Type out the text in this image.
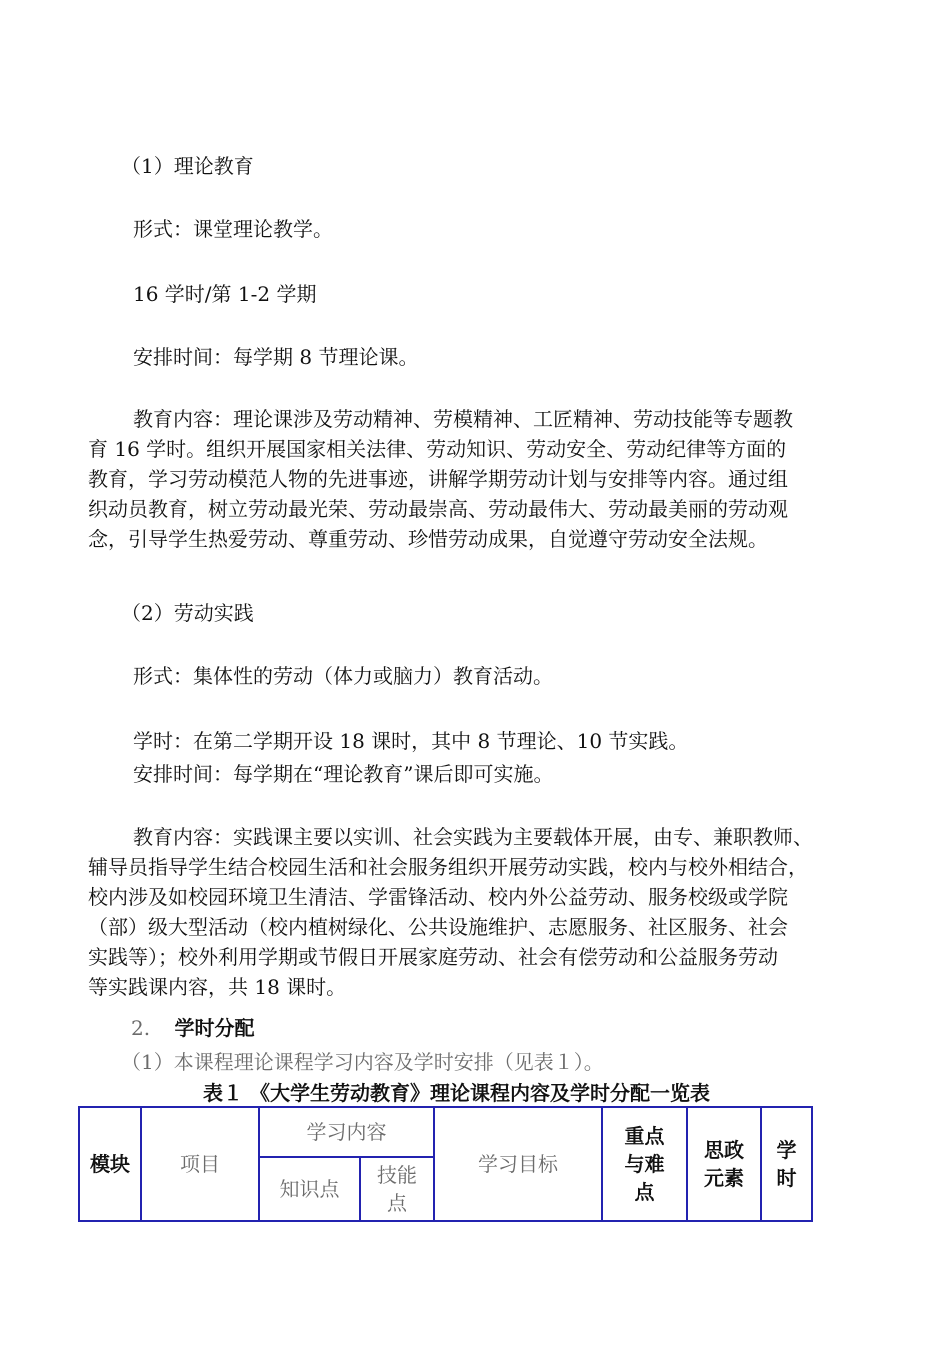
（1）理论教育
形式：课堂理论教学。
16 学时/第 1-2 学期
安排时间：每学期 8 节理论课。
教育内容：理论课涉及劳动精神、劳模精神、工匠精神、劳动技能等专题教
育 16 学时。组织开展国家相关法律、劳动知识、劳动安全、劳动纪律等方面的
教育，学习劳动模范人物的先进事迹，讲解学期劳动计划与安排等内容。通过组
织动员教育，树立劳动最光荣、劳动最崇高、劳动最伟大、劳动最美丽的劳动观
念，引导学生热爱劳动、尊重劳动、珍惜劳动成果，自觉遵守劳动安全法规。
（2）劳动实践
形式：集体性的劳动（体力或脑力）教育活动。
学时：在第二学期开设 18 课时，其中 8 节理论、10 节实践。
安排时间：每学期在“理论教育”课后即可实施。
教育内容：实践课主要以实训、社会实践为主要载体开展，由专、兼职教师、
辅导员指导学生结合校园生活和社会服务组织开展劳动实践，校内与校外相结合，
校内涉及如校园环境卫生清洁、学雷锋活动、校内外公益劳动、服务校级或学院
（部）级大型活动（校内植树绿化、公共设施维护、志愿服务、社区服务、社会
实践等）；校外利用学期或节假日开展家庭劳动、社会有偿劳动和公益服务劳动
等实践课内容，共 18 课时。
2. 学时分配
（1）本课程理论课程学习内容及学时安排（见表１）。
表１ 《大学生劳动教育》理论课程内容及学时分配一览表
模块	项目	学习内容		学习目标	重点与难点	思政元素	学时
		知识点	技能点				
